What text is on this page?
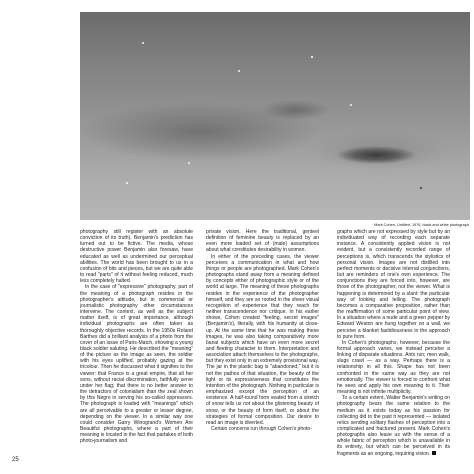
Mark Cohen, Untitled, 1976, black and white photograph.

photography still register with an absolute conviction of its truth). Benjamin's prediction has turned out to be fictive. The media, whose destructive power Benjamin also foresaw, have educated as well as undermined our perceptual abilities. The world has been brought to us in a confusion of bits and pieces, but we are quite able to read "parts" of it without feeling reduced, much less completely halted.

In the case of "expressive" photography, part of the meaning of a photograph resides in the photographer's attitude, but in commercial or journalistic photography other circumstances intervene. The context, as well as the subject matter itself, is of great importance, although individual photographs are often taken as thoroughly objective records. In the 1950s Roland Barthes did a brilliant analysis of a photo from the cover of an issue of Paris-Match, showing a young black soldier saluting. He described the "meaning" of the picture as the image as seen, the soldier with his eyes uplifted, probably gazing at the tricolour. Then he discussed what it signifies to the viewer: that France is a great empire, that all her sons, without racial discrimination, faithfully serve under her flag; that there is no better answer to the detractors of colonialism than the zeal shown by this Negro in serving his so-called oppressors. The photograph is loaded with "meanings" which are all perceivable to a greater or lesser degree, depending on the viewer. In a similar way one could consider Garry Winogrand's Women Are Beautiful photographs, where a part of their meaning is located in the fact that partakes of both photo-journalism and

private vision. Here the traditional, genteel definition of feminine beauty is replaced by an even more loaded set of (male) assumptions about what constitutes desirability in women.

In either of the preceding cases, the viewer perceives a communication in what and how things or people are photographed. Mark Cohen's photographs stand away from a meaning defined by concepts either of photographic style or of the world at large. The meaning of these photographs resides in the experience of the photographer himself, and they are so rooted in the sheer visual recognition of experience that they reach for neither transcendence nor critique. In his earlier shows, Cohen created "feeling, secret images" (Benjamin's), literally, with his humanity at close-up. At the same time that he was making these images, he was also taking comparatively more banal subjects which have an even more secret and fleeting character to them. Interpretation and association attach themselves to the photographs, but they exist only in an extremely provisional way. The jar in the plastic bag is "abandoned," but it is not the pathos of that situation, the beauty of the light or its expressiveness that constitutes the intention of the photograph. Nothing in particular is emphasized except the perception of an existence. A half-round form seated from a stretch of snow tells us not about the glistening beauty of snow, or the beauty of form itself, or about the strategies of formal composition. Our desire to read an image is diverted.

Certain concerns run through Cohen's photo-

graphs which are not expressed by style but by an individuated way of recording each separate instance. A consistently applied vision is not evident, but a consistently recorded range of perceptions is, which transcends the stylistics of personal vision. Images are not distilled into perfect moments or decisive internal conjunctions, but are reminders of one's own experience. The conjunctions they are forced into, however, are those of the photographer, not the viewer. What is happening is determined by a slant: the particular way of looking and telling. The photograph becomes a comparative proposition, rather than the reaffirmation of some particular point of view. In a situation where a nude and a green pepper by Edward Weston are hung together on a wall, we perceive a blanket fastidiousness in the approach to pure form.

In Cohen's photographs, however, because the formal approach varies, we instead perceive a linking of disparate situations. Ants run; men walk, slugs crawl — as a way. Perhaps there is a relationship in all this. Shape has not been confronted in the same way as they are not emotionally. The viewer is forced to confront what he sees and apply his own meaning to it. Their meaning is not infinite multiplicity.

To a certain extent, Walter Benjamin's writing on photography bears the same relation to the medium as it exists today as his passion for collecting did to the past it represented — isolated relics sending solitary flashes of perception into a complicated and fractured present. Mark Cohen's photographs also leave us with the sense of a whole fabric of perception which is unavailable in its entirety, but which can be perceived in its fragments as an ongoing, inquiring vision.

25
